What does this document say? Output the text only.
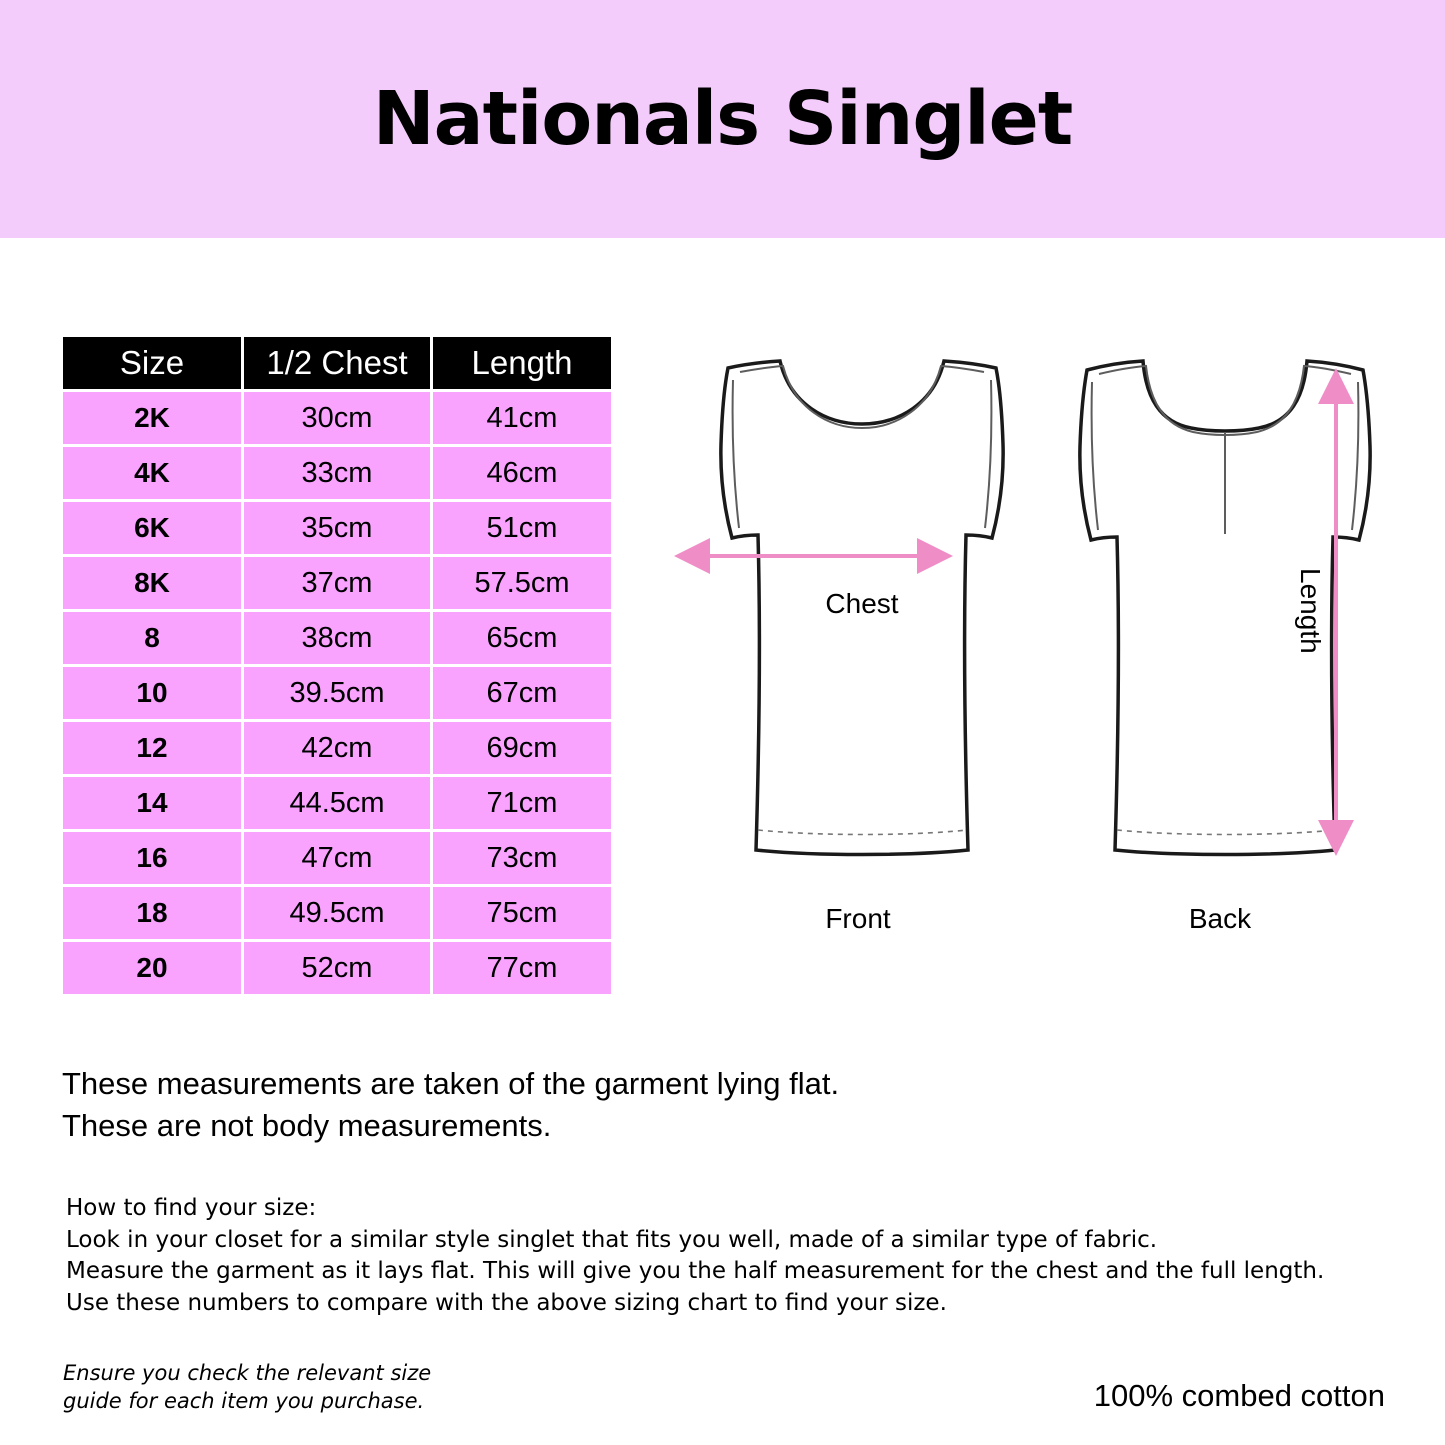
Nationals Singlet
Size	1/2 Chest	Length
2K	30cm	41cm
4K	33cm	46cm
6K	35cm	51cm
8K	37cm	57.5cm
8	38cm	65cm
10	39.5cm	67cm
12	42cm	69cm
14	44.5cm	71cm
16	47cm	73cm
18	49.5cm	75cm
20	52cm	77cm
Chest	Length
Front	Back
These measurements are taken of the garment lying flat.
These are not body measurements.
How to find your size:
Look in your closet for a similar style singlet that fits you well, made of a similar type of fabric.
Measure the garment as it lays flat. This will give you the half measurement for the chest and the full length.
Use these numbers to compare with the above sizing chart to find your size.
Ensure you check the relevant size
guide for each item you purchase.	100% combed cotton
